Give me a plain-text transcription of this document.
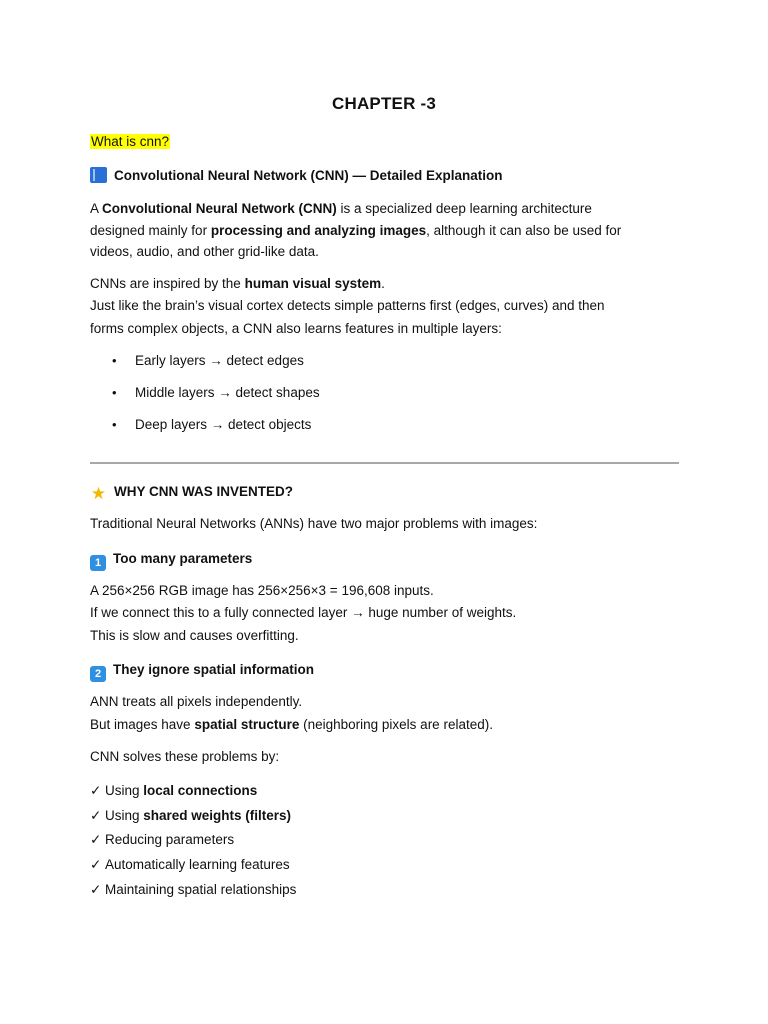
CHAPTER -3
What is cnn?
Convolutional Neural Network (CNN) — Detailed Explanation
A Convolutional Neural Network (CNN) is a specialized deep learning architecture
designed mainly for processing and analyzing images, although it can also be used for
videos, audio, and other grid-like data.
CNNs are inspired by the human visual system.
Just like the brain’s visual cortex detects simple patterns first (edges, curves) and then
forms complex objects, a CNN also learns features in multiple layers:
• Early layers → detect edges
• Middle layers → detect shapes
• Deep layers → detect objects
★ WHY CNN WAS INVENTED?
Traditional Neural Networks (ANNs) have two major problems with images:
1 Too many parameters
A 256×256 RGB image has 256×256×3 = 196,608 inputs.
If we connect this to a fully connected layer → huge number of weights.
This is slow and causes overfitting.
2 They ignore spatial information
ANN treats all pixels independently.
But images have spatial structure (neighboring pixels are related).
CNN solves these problems by:
✓ Using local connections
✓ Using shared weights (filters)
✓ Reducing parameters
✓ Automatically learning features
✓ Maintaining spatial relationships
